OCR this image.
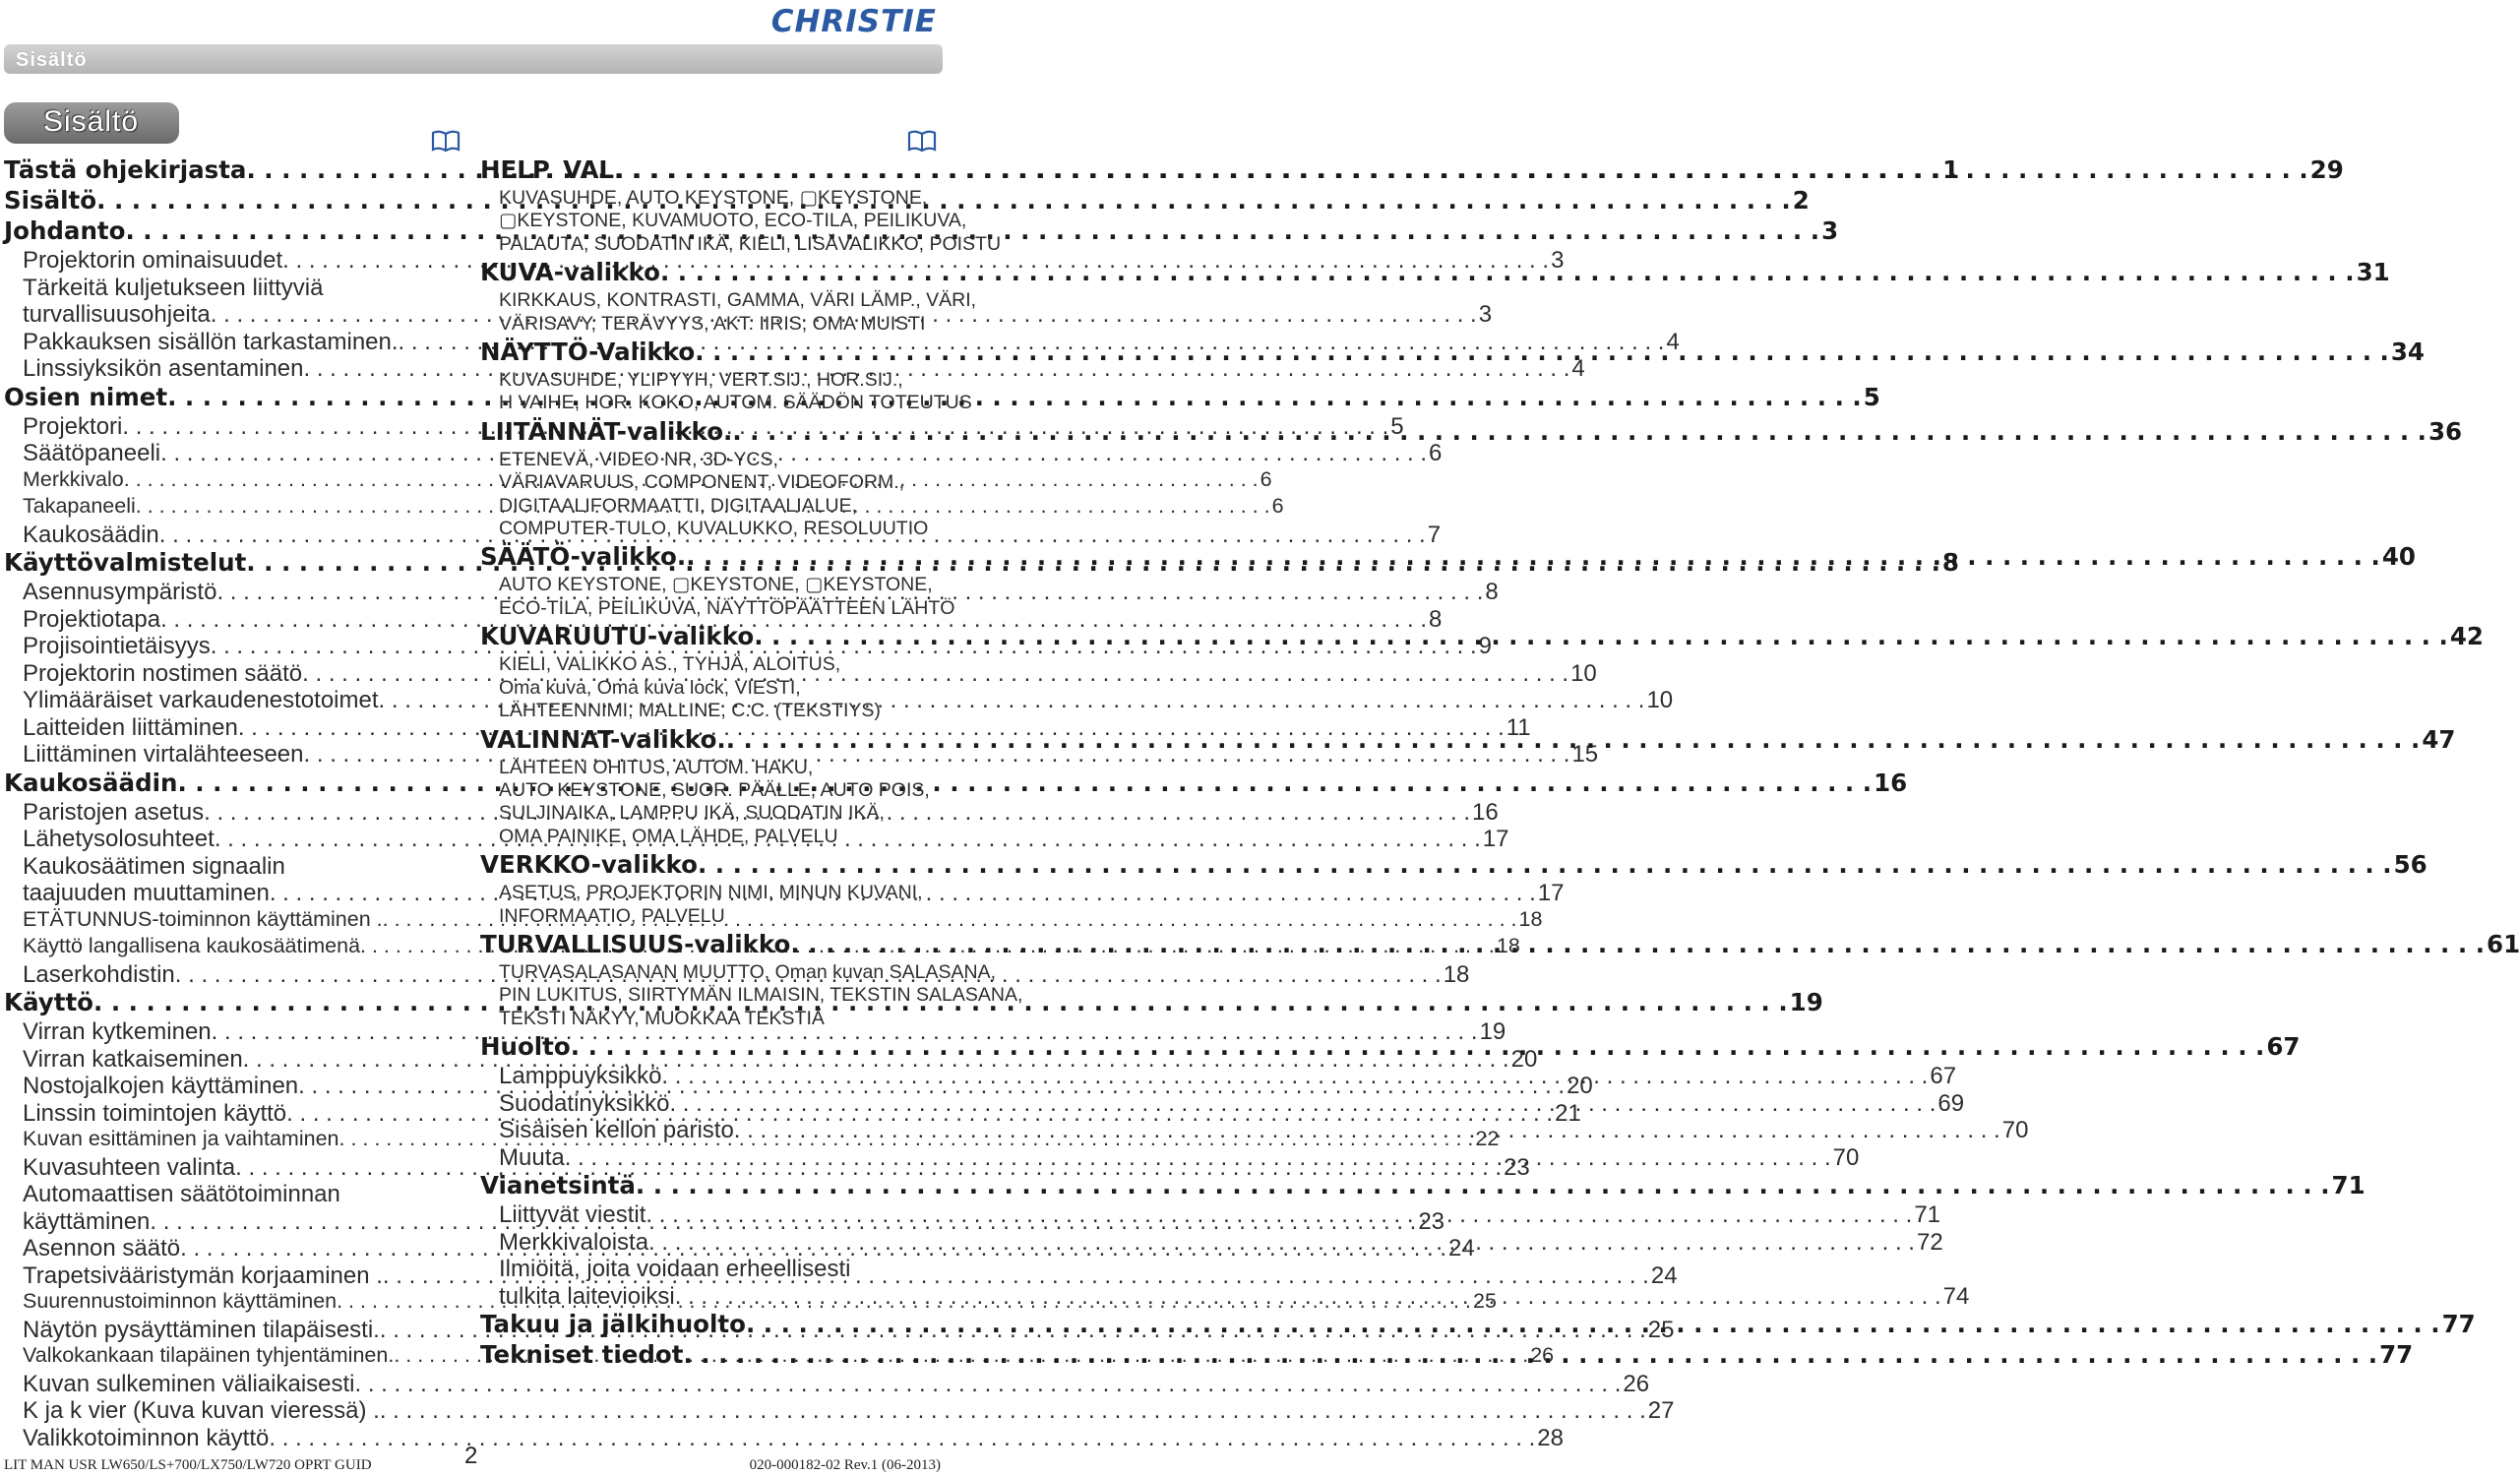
CHRISTIE
Sisältö
Sisältö
Tästä ohjekirjasta . . .	1
Sisältö . . .	2
Johdanto . . .	3
Projektorin ominaisuudet . . .	3
Tärkeitä kuljetukseen liittyviä
turvallisuusohjeita . . .	3
Pakkauksen sisällön tarkastaminen. . . .	4
Linssiyksikön asentaminen . . .	4
Osien nimet . . .	5
Projektori . . .	5
Säätöpaneeli . . .	6
Merkkivalo . . .	6
Takapaneeli . . .	6
Kaukosäädin . . .	7
Käyttövalmistelut . . .	8
Asennusympäristö . . .	8
Projektiotapa . . .	8
Projisointietäisyys . . .	9
Projektorin nostimen säätö . . .	10
Ylimääräiset varkaudenestotoimet . . .	10
Laitteiden liittäminen . . .	11
Liittäminen virtalähteeseen . . .	15
Kaukosäädin . . .	16
Paristojen asetus . . .	16
Lähetysolosuhteet . . .	17
Kaukosäätimen signaalin
taajuuden muuttaminen . . .	17
ETÄTUNNUS-toiminnon käyttäminen . . . .	18
Käyttö langallisena kaukosäätimenä . . .	18
Laserkohdistin . . .	18
Käyttö . . .	19
Virran kytkeminen . . .	19
Virran katkaiseminen . . .	20
Nostojalkojen käyttäminen . . .	20
Linssin toimintojen käyttö . . .	21
Kuvan esittäminen ja vaihtaminen . . .	22
Kuvasuhteen valinta . . .	23
Automaattisen säätötoiminnan
käyttäminen . . .	23
Asennon säätö . . .	24
Trapetsivääristymän korjaaminen . . . .	24
Suurennustoiminnon käyttäminen . . .	25
Näytön pysäyttäminen tilapäisesti. . . .	25
Valkokankaan tilapäinen tyhjentäminen. . . .	26
Kuvan sulkeminen väliaikaisesti . . .	26
K ja k vier (Kuva kuvan vieressä) . . . .	27
Valikkotoiminnon käyttö . . .	28
HELP. VAL . . .	29
KUVASUHDE, AUTO KEYSTONE, ▢KEYSTONE,
▢KEYSTONE, KUVAMUOTO, ECO-TILA, PEILIKUVA,
PALAUTA, SUODATIN IKÄ, KIELI, LISÄVALIKKO, POISTU
KUVA-valikko . . .	31
KIRKKAUS, KONTRASTI, GAMMA, VÄRI LÄMP., VÄRI,
VÄRISAVY, TERÄVYYS, AKT. IIRIS, OMA MUISTI
NÄYTTÖ-Valikko . . .	34
KUVASUHDE, YLIPYYH, VERT.SIJ., HOR.SIJ.,
H VAIHE, HOR. KOKO, AUTOM. SÄÄDÖN TOTEUTUS
LIITÄNNÄT-valikko. . . .	36
ETENEVÄ, VIDEO NR, 3D-YCS,
VÄRIAVARUUS, COMPONENT, VIDEOFORM.,
DIGITAALIFORMAATTI, DIGITAALIALUE,
COMPUTER-TULO, KUVALUKKO, RESOLUUTIO
SÄÄTÖ-valikko. . . .	40
AUTO KEYSTONE, ▢KEYSTONE, ▢KEYSTONE,
ECO-TILA, PEILIKUVA, NÄYTTÖPÄÄTTEEN LÄHTÖ
KUVARUUTU-valikko . . .	42
KIELI, VALIKKO AS., TYHJÄ, ALOITUS,
Oma kuva, Oma kuva lock, VIESTI,
LÄHTEENNIMI, MALLINE, C.C. (TEKSTIYS)
VALINNAT-valikko. . . .	47
LÄHTEEN OHITUS, AUTOM. HAKU,
AUTO KEYSTONE, SUOR. PÄÄLLE, AUTO POIS,
SULJINAIKA, LAMPPU IKÄ, SUODATIN IKÄ,
OMA PAINIKE, OMA LÄHDE, PALVELU
VERKKO-valikko . . .	56
ASETUS, PROJEKTORIN NIMI, MINUN KUVANI,
INFORMAATIO, PALVELU
TURVALLISUUS-valikko . . .	61
TURVASALASANAN MUUTTO, Oman kuvan SALASANA,
PIN LUKITUS, SIIRTYMÄN ILMAISIN, TEKSTIN SALASANA,
TEKSTI NÄKYY, MUOKKAA TEKSTIÄ
Huolto . . .	67
Lamppuyksikkö . . .	67
Suodatinyksikkö . . .	69
Sisäisen kellon paristo . . .	70
Muuta . . .	70
Vianetsintä . . .	71
Liittyvät viestit . . .	71
Merkkivaloista . . .	72
Ilmiöitä, joita voidaan erheellisesti
tulkita laitevioiksi . . .	74
Takuu ja jälkihuolto . . .	77
Tekniset tiedot . . .	77
LIT MAN USR LW650/LS+700/LX750/LW720 OPRT GUID	2	020-000182-02 Rev.1 (06-2013)
